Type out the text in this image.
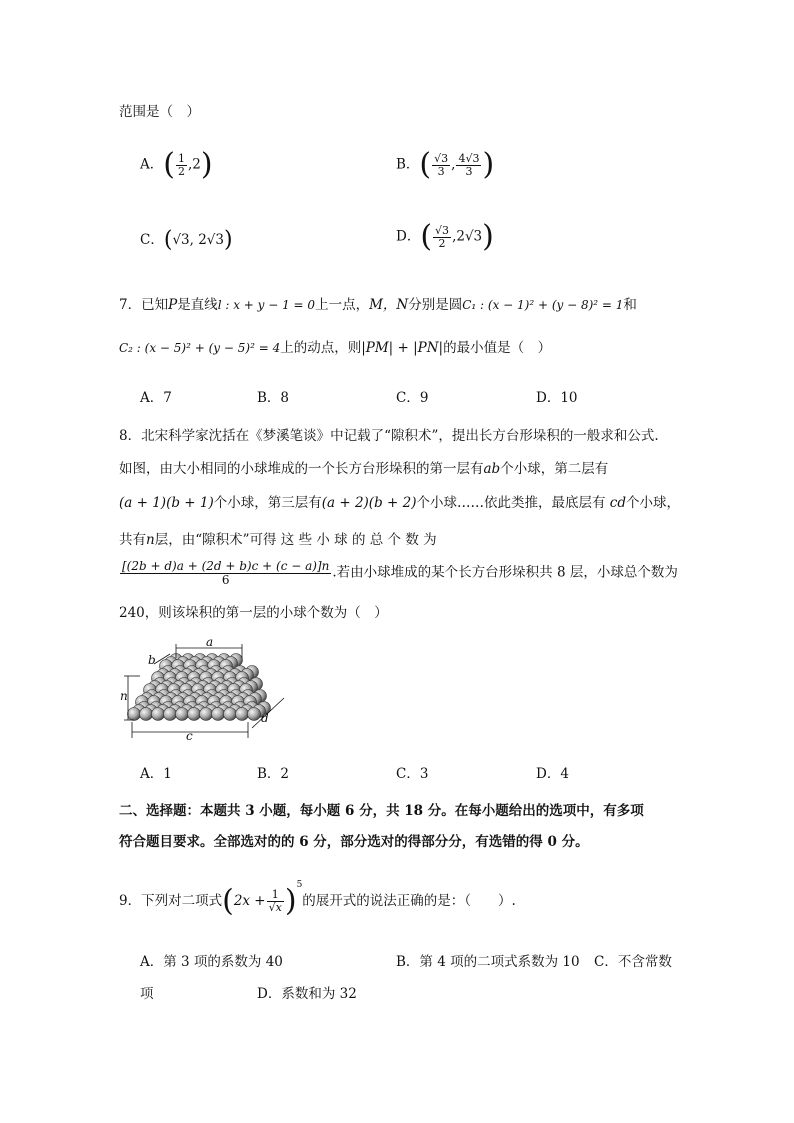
范围是（　）
A．( $\frac{1}{2} ,2$)	B．( $\frac{√3}{3}$ , $\frac{4√3}{3}$ )
C．(√3, 2√3)	D．( $\frac{√3}{2} ,2√3$)
7．已知P是直线l : x + y − 1 = 0上一点，M，N分别是圆C₁ : (x − 1)² + (y − 8)² = 1和
C₂ : (x − 5)² + (y − 5)² = 4上的动点，则|PM| + |PN|的最小值是（　）
A．7	B．8	C．9	D．10
8．北宋科学家沈括在《梦溪笔谈》中记载了“隙积术”，提出长方台形垛积的一般求和公式.
如图，由大小相同的小球堆成的一个长方台形垛积的第一层有ab个小球，第二层有
(a + 1)(b + 1)个小球，第三层有(a + 2)(b + 2)个小球……依此类推，最底层有 cd个小球，
共有n层，由“隙积术”可得 这 些 小 球 的 总 个 数 为
$\frac{[(2b + d)a + (2d + b)c + (c - a)]n}{6}$ .若由小球堆成的某个长方台形垛积共 8 层，小球总个数为
240，则该垛积的第一层的小球个数为（　）
a
b
n
c
d
A．1	B．2	C．3	D．4
二、选择题：本题共 3 小题，每小题 6 分，共 18 分。在每小题给出的选项中，有多项
符合题目要求。全部选对的的 6 分，部分选对的得部分分，有选错的得 0 分。
9．下列对二项式$(2x + \frac{1}{√x} )^5$的展开式的说法正确的是：（　　）.
A．第 3 项的系数为 40	B．第 4 项的二项式系数为 10 C．不含常数
项	D．系数和为 32
